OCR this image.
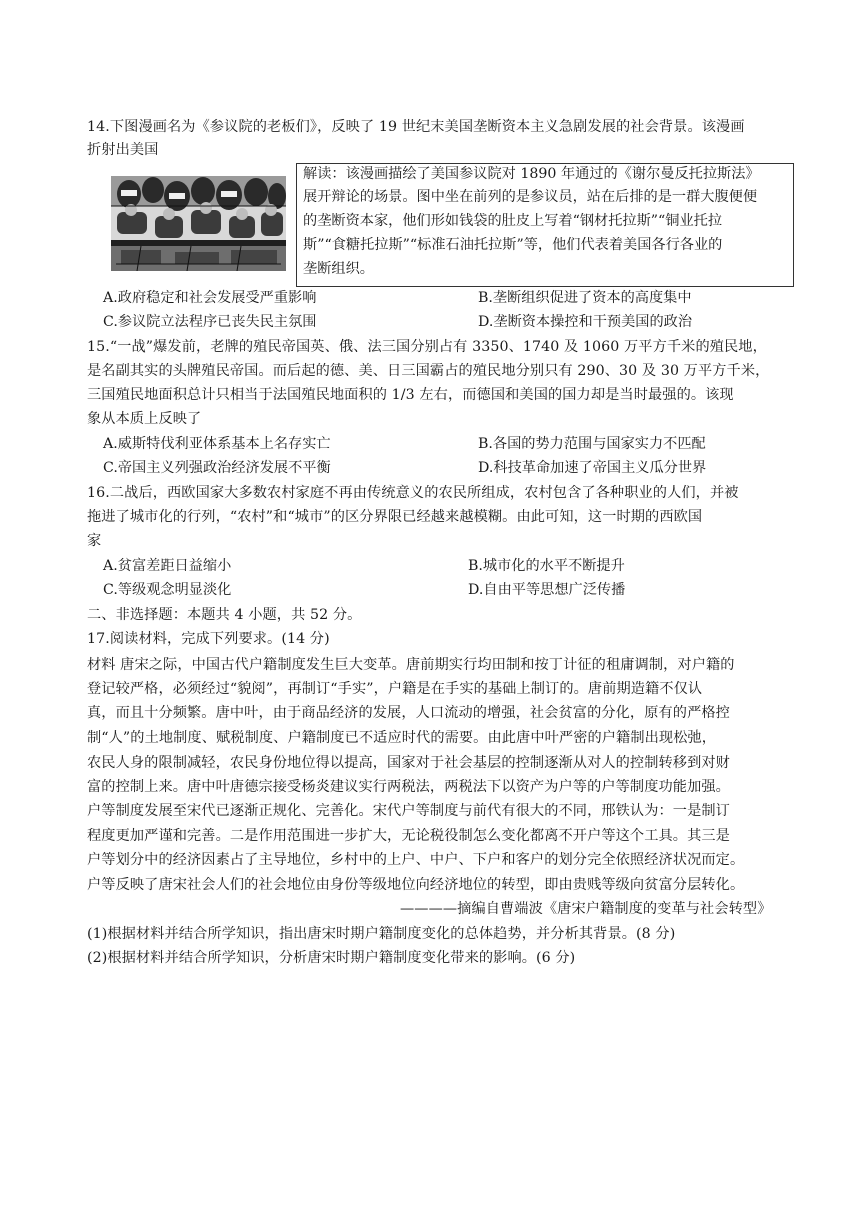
14.下图漫画名为《参议院的老板们》，反映了 19 世纪末美国垄断资本主义急剧发展的社会背景。该漫画
折射出美国
解读：该漫画描绘了美国参议院对 1890 年通过的《谢尔曼反托拉斯法》
展开辩论的场景。图中坐在前列的是参议员，站在后排的是一群大腹便便
的垄断资本家，他们形如钱袋的肚皮上写着“钢材托拉斯”“铜业托拉
斯”“食糖托拉斯”“标准石油托拉斯”等，他们代表着美国各行各业的
垄断组织。
A.政府稳定和社会发展受严重影响	B.垄断组织促进了资本的高度集中
C.参议院立法程序已丧失民主氛围	D.垄断资本操控和干预美国的政治
15.“一战”爆发前，老牌的殖民帝国英、俄、法三国分别占有 3350、1740 及 1060 万平方千米的殖民地，
是名副其实的头牌殖民帝国。而后起的德、美、日三国霸占的殖民地分别只有 290、30 及 30 万平方千米，
三国殖民地面积总计只相当于法国殖民地面积的 1/3 左右，而德国和美国的国力却是当时最强的。该现
象从本质上反映了
A.威斯特伐利亚体系基本上名存实亡	B.各国的势力范围与国家实力不匹配
C.帝国主义列强政治经济发展不平衡	D.科技革命加速了帝国主义瓜分世界
16.二战后，西欧国家大多数农村家庭不再由传统意义的农民所组成，农村包含了各种职业的人们，并被
拖进了城市化的行列，“农村”和“城市”的区分界限已经越来越模糊。由此可知，这一时期的西欧国
家
A.贫富差距日益缩小	B.城市化的水平不断提升
C.等级观念明显淡化	D.自由平等思想广泛传播
二、非选择题：本题共 4 小题，共 52 分。
17.阅读材料，完成下列要求。(14 分)
材料 唐宋之际，中国古代户籍制度发生巨大变革。唐前期实行均田制和按丁计征的租庸调制，对户籍的
登记较严格，必须经过“貌阅”，再制订“手实”，户籍是在手实的基础上制订的。唐前期造籍不仅认
真，而且十分频繁。唐中叶，由于商品经济的发展，人口流动的增强，社会贫富的分化，原有的严格控
制“人”的土地制度、赋税制度、户籍制度已不适应时代的需要。由此唐中叶严密的户籍制出现松弛，
农民人身的限制减轻，农民身份地位得以提高，国家对于社会基层的控制逐渐从对人的控制转移到对财
富的控制上来。唐中叶唐德宗接受杨炎建议实行两税法，两税法下以资产为户等的户等制度功能加强。
户等制度发展至宋代已逐渐正规化、完善化。宋代户等制度与前代有很大的不同，邢铁认为：一是制订
程度更加严谨和完善。二是作用范围进一步扩大，无论税役制怎么变化都离不开户等这个工具。其三是
户等划分中的经济因素占了主导地位，乡村中的上户、中户、下户和客户的划分完全依照经济状况而定。
户等反映了唐宋社会人们的社会地位由身份等级地位向经济地位的转型，即由贵贱等级向贫富分层转化。
————摘编自曹端波《唐宋户籍制度的变革与社会转型》
(1)根据材料并结合所学知识，指出唐宋时期户籍制度变化的总体趋势，并分析其背景。(8 分)
(2)根据材料并结合所学知识，分析唐宋时期户籍制度变化带来的影响。(6 分)
